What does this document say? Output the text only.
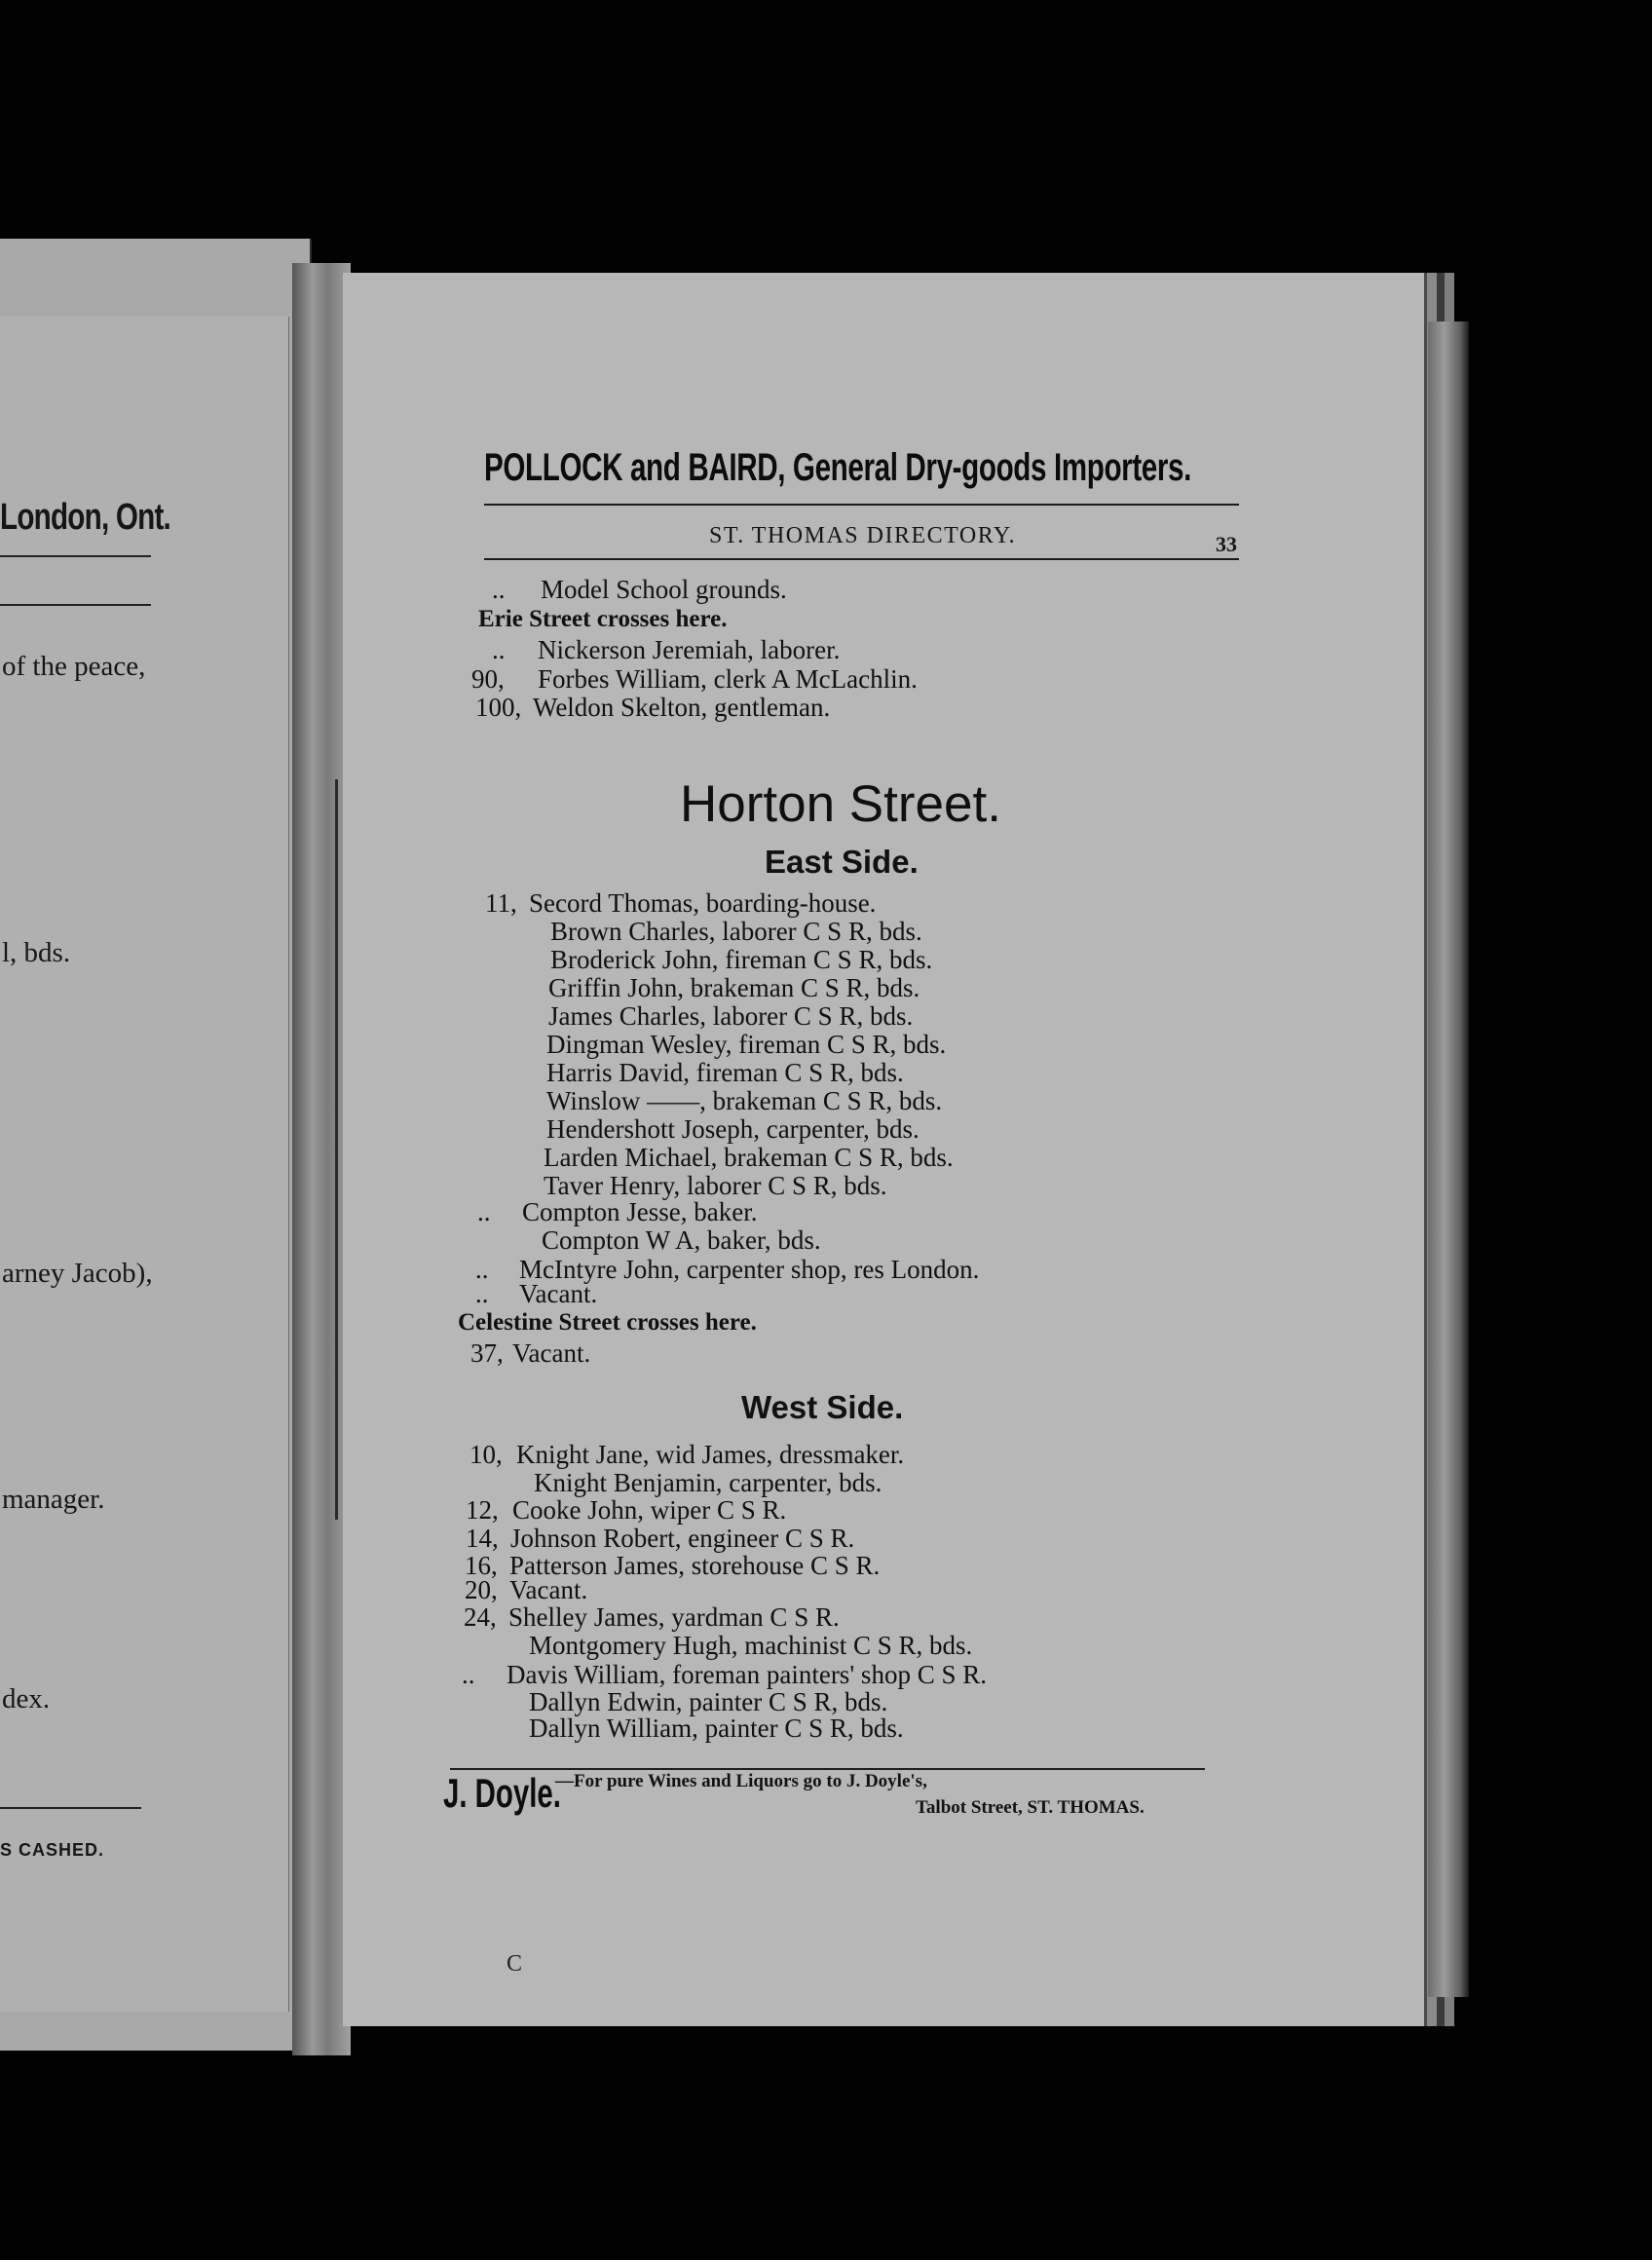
London, Ont.
of the peace,
l, bds.
arney Jacob),
manager.
dex.
S CASHED.
POLLOCK and BAIRD, General Dry-goods Importers.
ST. THOMAS DIRECTORY.	33
.. Model School grounds.
Erie Street crosses here.
.. Nickerson Jeremiah, laborer.
90, Forbes William, clerk A McLachlin.
100, Weldon Skelton, gentleman.
Horton Street.
East Side.
11, Secord Thomas, boarding-house.
Brown Charles, laborer C S R, bds.
Broderick John, fireman C S R, bds.
Griffin John, brakeman C S R, bds.
James Charles, laborer C S R, bds.
Dingman Wesley, fireman C S R, bds.
Harris David, fireman C S R, bds.
Winslow ——, brakeman C S R, bds.
Hendershott Joseph, carpenter, bds.
Larden Michael, brakeman C S R, bds.
Taver Henry, laborer C S R, bds.
.. Compton Jesse, baker.
Compton W A, baker, bds.
.. McIntyre John, carpenter shop, res London.
.. Vacant.
Celestine Street crosses here.
37, Vacant.
West Side.
10, Knight Jane, wid James, dressmaker.
Knight Benjamin, carpenter, bds.
12, Cooke John, wiper C S R.
14, Johnson Robert, engineer C S R.
16, Patterson James, storehouse C S R.
20, Vacant.
24, Shelley James, yardman C S R.
Montgomery Hugh, machinist C S R, bds.
.. Davis William, foreman painters' shop C S R.
Dallyn Edwin, painter C S R, bds.
Dallyn William, painter C S R, bds.
J. Doyle.
—For pure Wines and Liquors go to J. Doyle's,
Talbot Street, ST. THOMAS.
C
